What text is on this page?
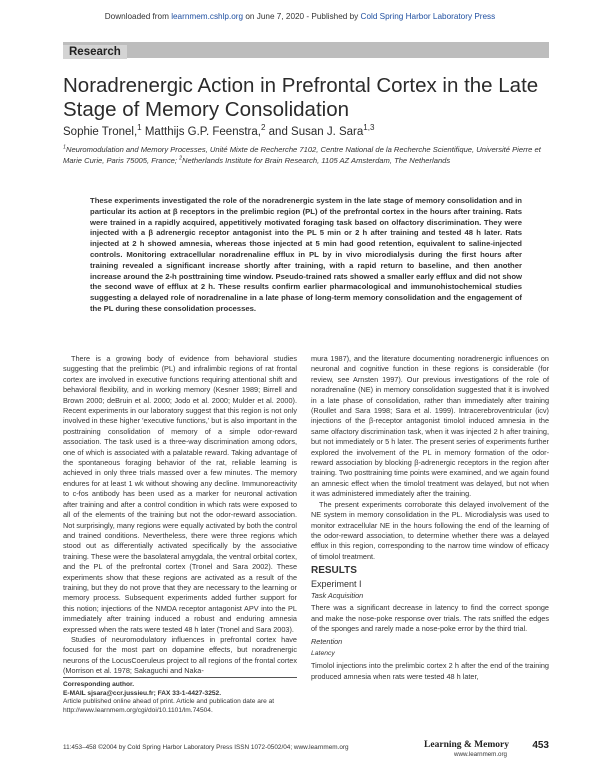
Downloaded from learnmem.cshlp.org on June 7, 2020 - Published by Cold Spring Harbor Laboratory Press
Research
Noradrenergic Action in Prefrontal Cortex in the Late Stage of Memory Consolidation
Sophie Tronel,$^1$ Matthijs G.P. Feenstra,$^2$ and Susan J. Sara$^{1,3}$
$^1$Neuromodulation and Memory Processes, Unité Mixte de Recherche 7102, Centre National de la Recherche Scientifique, Université Pierre et Marie Curie, Paris 75005, France; $^2$Netherlands Institute for Brain Research, 1105 AZ Amsterdam, The Netherlands
These experiments investigated the role of the noradrenergic system in the late stage of memory consolidation and in particular its action at β receptors in the prelimbic region (PL) of the prefrontal cortex in the hours after training. Rats were trained in a rapidly acquired, appetitively motivated foraging task based on olfactory discrimination. They were injected with a β adrenergic receptor antagonist into the PL 5 min or 2 h after training and tested 48 h later. Rats injected at 2 h showed amnesia, whereas those injected at 5 min had good retention, equivalent to saline-injected controls. Monitoring extracellular noradrenaline efflux in PL by in vivo microdialysis during the first hours after training revealed a significant increase shortly after training, with a rapid return to baseline, and then another increase around the 2-h posttraining time window. Pseudo-trained rats showed a smaller early efflux and did not show the second wave of efflux at 2 h. These results confirm earlier pharmacological and immunohistochemical studies suggesting a delayed role of noradrenaline in a late phase of long-term memory consolidation and the engagement of the PL during these consolidation processes.

There is a growing body of evidence from behavioral studies suggesting that the prelimbic (PL) and infralimbic regions of rat frontal cortex are involved in executive functions requiring attentional shift and behavioral flexibility, and in working memory (Kesner 1989; Birrell and Brown 2000; deBruin et al. 2000; Jodo et al. 2000; Mulder et al. 2000). Recent experiments in our laboratory suggest that this region is not only involved in these higher 'executive functions,' but is also important in the posttraining consolidation of memory of a simple odor-reward association. The task used is a three-way discrimination among odors, one of which is associated with a palatable reward. Taking advantage of the spontaneous foraging behavior of the rat, reliable learning is achieved in only three trials massed over a few minutes. The memory endures for at least 1 wk without showing any decline. Immunoreactivity to c-fos antibody has been used as a marker for neuronal activation after training and after a control condition in which rats were exposed to all of the elements of the training but not the odor-reward association. Not surprisingly, many regions were equally activated by both the control and trained conditions. Nevertheless, there were three regions which stood out as differentially activated specifically by the associative training. These were the basolateral amygdala, the ventral orbital cortex, and the PL of the prefrontal cortex (Tronel and Sara 2002). These experiments show that these regions are activated as a result of the training, but they do not prove that they are necessary to the learning or memory process. Subsequent experiments added further support for this notion; injections of the NMDA receptor antagonist APV into the PL immediately after training induced a robust and enduring amnesia expressed when the rats were tested 48 h later (Tronel and Sara 2003).

Studies of neuromodulatory influences in prefrontal cortex have focused for the most part on dopamine effects, but noradrenergic neurons of the LocusCoeruleus project to all regions of the frontal cortex (Morrison et al. 1978; Sakaguchi and Naka-

Corresponding author.
E-MAIL sjsara@ccr.jussieu.fr; FAX 33-1-4427-3252.
Article published online ahead of print. Article and publication date are at http://www.learnmem.org/cgi/doi/10.1101/lm.74504.

mura 1987), and the literature documenting noradrenergic influences on neuronal and cognitive function in these regions is considerable (for review, see Arnsten 1997). Our previous investigations of the role of noradrenaline (NE) in memory consolidation suggested that it is involved in a late phase of consolidation, rather than immediately after training (Roullet and Sara 1998; Sara et al. 1999). Intracerebroventricular (icv) injections of the β-receptor antagonist timolol induced amnesia in the same olfactory discrimination task, when it was injected 2 h after training, but not immediately or 5 h later. The present series of experiments further explored the involvement of the PL in memory formation of the odor-reward association by blocking β-adrenergic receptors in the region after training. Two posttraining time points were examined, and we again found an amnesic effect when the timolol treatment was delayed, but not when it was administered immediately after the training.

The present experiments corroborate this delayed involvement of the NE system in memory consolidation in the PL. Microdialysis was used to monitor extracellular NE in the hours following the end of the learning of the odor-reward association, to determine whether there was a delayed efflux in this region, corresponding to the narrow time window of efficacy of timolol treatment.

RESULTS
Experiment I
Task Acquisition

There was a significant decrease in latency to find the correct sponge and make the nose-poke response over trials. The rats sniffed the edges of the sponges and rarely made a nose-poke error by the third trial.

Retention
Latency

Timolol injections into the prelimbic cortex 2 h after the end of the training produced amnesia when rats were tested 48 h later,

11:453–458 ©2004 by Cold Spring Harbor Laboratory Press ISSN 1072-0502/04; www.learnmem.org	Learning & Memory
www.learnmem.org
453
